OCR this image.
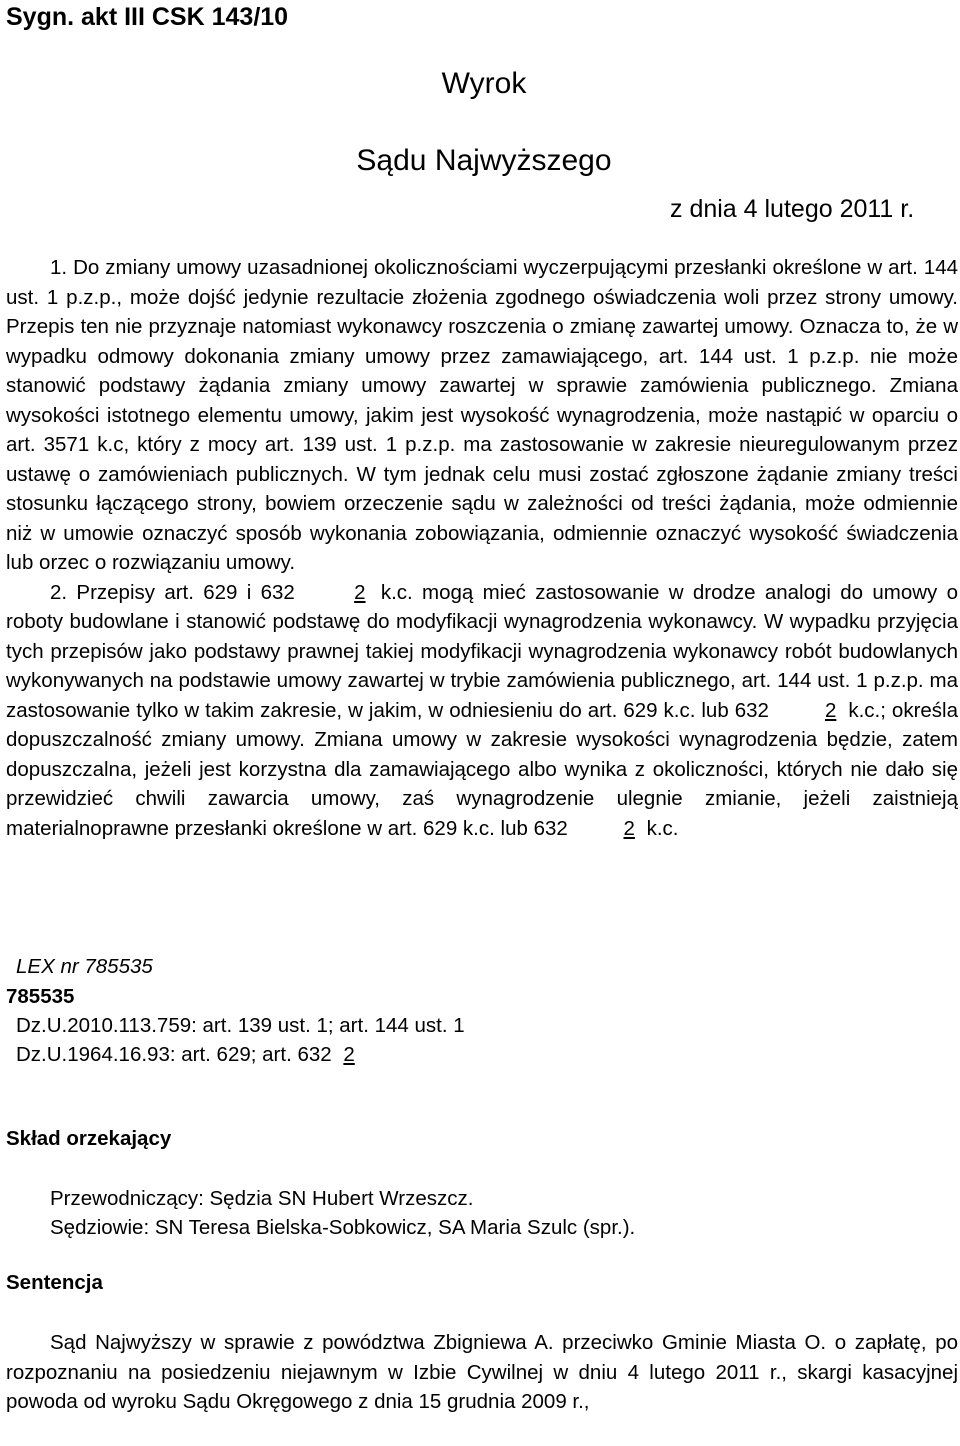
Sygn. akt III CSK 143/10
Wyrok
Sądu Najwyższego
z dnia 4 lutego 2011 r.

1. Do zmiany umowy uzasadnionej okolicznościami wyczerpującymi przesłanki określone w art. 144 ust. 1 p.z.p., może dojść jedynie rezultacie złożenia zgodnego oświadczenia woli przez strony umowy. Przepis ten nie przyznaje natomiast wykonawcy roszczenia o zmianę zawartej umowy. Oznacza to, że w wypadku odmowy dokonania zmiany umowy przez zamawiającego, art. 144 ust. 1 p.z.p. nie może stanowić podstawy żądania zmiany umowy zawartej w sprawie zamówienia publicznego. Zmiana wysokości istotnego elementu umowy, jakim jest wysokość wynagrodzenia, może nastąpić w oparciu o art. 3571 k.c, który z mocy art. 139 ust. 1 p.z.p. ma zastosowanie w zakresie nieuregulowanym przez ustawę o zamówieniach publicznych. W tym jednak celu musi zostać zgłoszone żądanie zmiany treści stosunku łączącego strony, bowiem orzeczenie sądu w zależności od treści żądania, może odmiennie niż w umowie oznaczyć sposób wykonania zobowiązania, odmiennie oznaczyć wysokość świadczenia lub orzec o rozwiązaniu umowy.

2. Przepisy art. 629 i 632	2 k.c. mogą mieć zastosowanie w drodze analogi do umowy o roboty budowlane i stanowić podstawę do modyfikacji wynagrodzenia wykonawcy. W wypadku przyjęcia tych przepisów jako podstawy prawnej takiej modyfikacji wynagrodzenia wykonawcy robót budowlanych wykonywanych na podstawie umowy zawartej w trybie zamówienia publicznego, art. 144 ust. 1 p.z.p. ma zastosowanie tylko w takim zakresie, w jakim, w odniesieniu do art. 629 k.c. lub 632	2 k.c.; określa dopuszczalność zmiany umowy. Zmiana umowy w zakresie wysokości wynagrodzenia będzie, zatem dopuszczalna, jeżeli jest korzystna dla zamawiającego albo wynika z okoliczności, których nie dało się przewidzieć chwili zawarcia umowy, zaś wynagrodzenie ulegnie zmianie, jeżeli zaistnieją materialnoprawne przesłanki określone w art. 629 k.c. lub 632	2 k.c.

LEX nr 785535
785535
Dz.U.2010.113.759: art. 139 ust. 1; art. 144 ust. 1
Dz.U.1964.16.93: art. 629; art. 632 2
Skład orzekający
Przewodniczący: Sędzia SN Hubert Wrzeszcz.
Sędziowie: SN Teresa Bielska-Sobkowicz, SA Maria Szulc (spr.).
Sentencja

Sąd Najwyższy w sprawie z powództwa Zbigniewa A. przeciwko Gminie Miasta O. o zapłatę, po rozpoznaniu na posiedzeniu niejawnym w Izbie Cywilnej w dniu 4 lutego 2011 r., skargi kasacyjnej powoda od wyroku Sądu Okręgowego z dnia 15 grudnia 2009 r.,
